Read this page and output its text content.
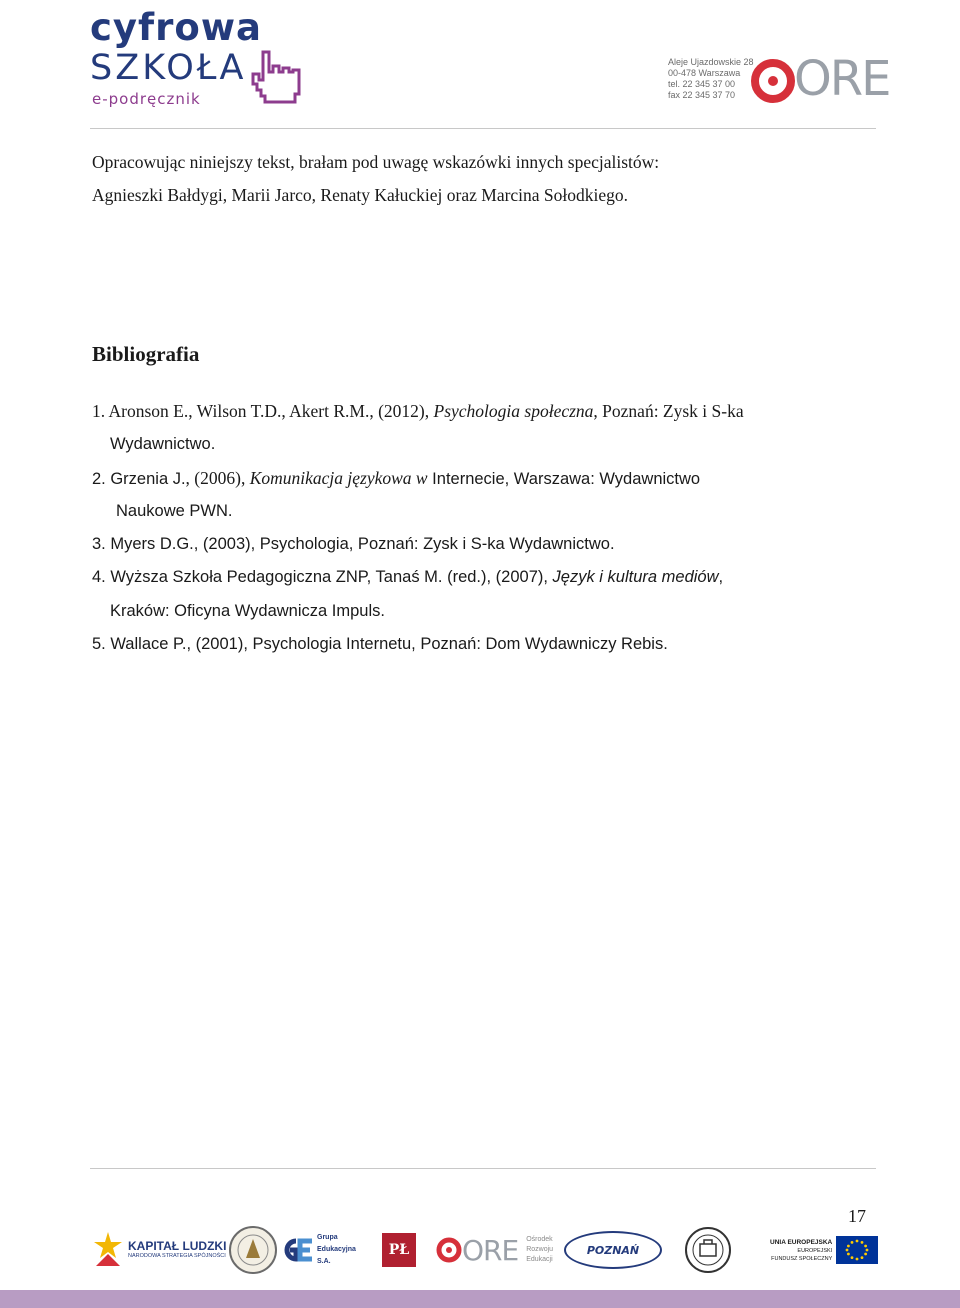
cyfrowa
SZKOŁA
e-podręcznik
Aleje Ujazdowskie 28
00-478 Warszawa
tel. 22 345 37 00
fax 22 345 37 70	ORE
Opracowując niniejszy tekst, brałam pod uwagę wskazówki innych specjalistów:
Agnieszki Bałdygi, Marii Jarco, Renaty Kałuckiej oraz Marcina Sołodkiego.
Bibliografia
1. Aronson E., Wilson T.D., Akert R.M., (2012), Psychologia społeczna, Poznań: Zysk i S-ka
Wydawnictwo.
2. Grzenia J., (2006), Komunikacja językowa w Internecie, Warszawa: Wydawnictwo
Naukowe PWN.
3. Myers D.G., (2003), Psychologia, Poznań: Zysk i S-ka Wydawnictwo.
4. Wyższa Szkoła Pedagogiczna ZNP, Tanaś M. (red.), (2007), Język i kultura mediów,
Kraków: Oficyna Wydawnicza Impuls.
5. Wallace P., (2001), Psychologia Internetu, Poznań: Dom Wydawniczy Rebis.
17
KAPITAŁ LUDZKI
NARODOWA STRATEGIA SPÓJNOŚCI
Grupa Edukacyjna S.A.
PŁ ORE Ośrodek
Rozwoju
Edukacji
POZNAŃ
UNIA EUROPEJSKA
EUROPEJSKI
FUNDUSZ SPOŁECZNY
